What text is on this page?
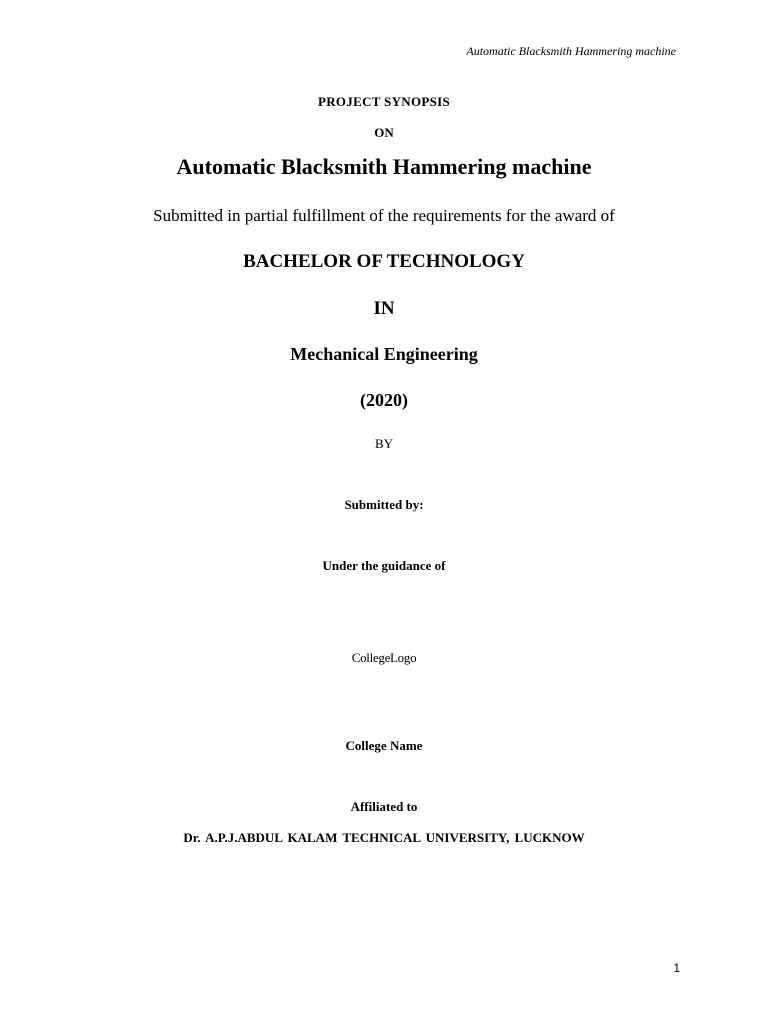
Automatic Blacksmith Hammering machine
PROJECT SYNOPSIS
ON
Automatic Blacksmith Hammering machine
Submitted in partial fulfillment of the requirements for the award of
BACHELOR OF TECHNOLOGY
IN
Mechanical Engineering
(2020)
BY
Submitted by:
Under the guidance of
CollegeLogo
College Name
Affiliated to
Dr. A.P.J.ABDUL KALAM TECHNICAL UNIVERSITY, LUCKNOW
1
